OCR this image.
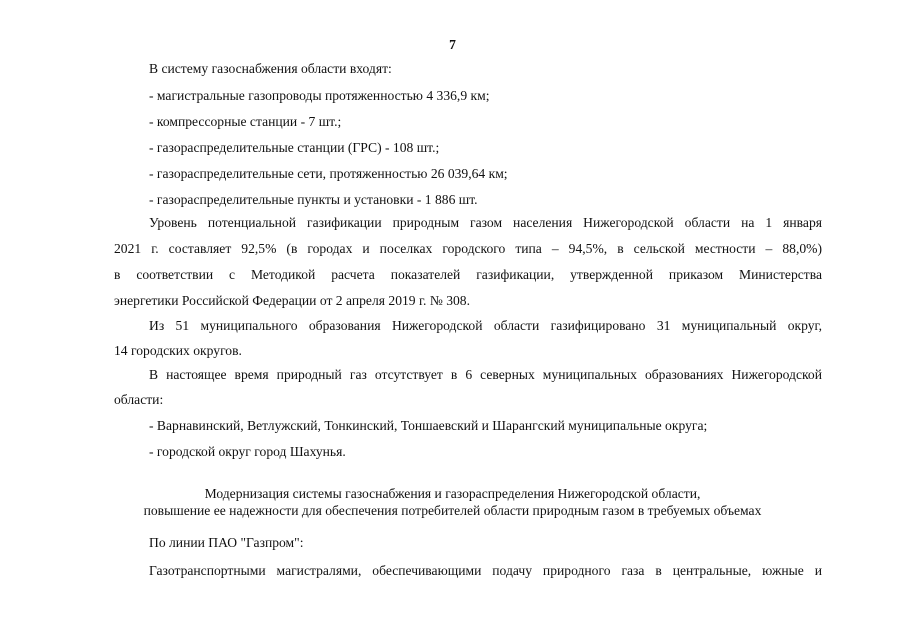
7
В систему газоснабжения области входят:
- магистральные газопроводы протяженностью 4 336,9 км;
- компрессорные станции - 7 шт.;
- газораспределительные станции (ГРС) - 108 шт.;
- газораспределительные сети, протяженностью 26 039,64 км;
- газораспределительные пункты и установки - 1 886 шт.
Уровень потенциальной газификации природным газом населения Нижегородской области на 1 января
2021 г. составляет 92,5% (в городах и поселках городского типа – 94,5%, в сельской местности – 88,0%)
в соответствии с Методикой расчета показателей газификации, утвержденной приказом Министерства
энергетики Российской Федерации от 2 апреля 2019 г. № 308.
Из 51 муниципального образования Нижегородской области газифицировано 31 муниципальный округ,
14 городских округов.
В настоящее время природный газ отсутствует в 6 северных муниципальных образованиях Нижегородской
области:
- Варнавинский, Ветлужский, Тонкинский, Тоншаевский и Шарангский муниципальные округа;
- городской округ город Шахунья.
Модернизация системы газоснабжения и газораспределения Нижегородской области,
повышение ее надежности для обеспечения потребителей области природным газом в требуемых объемах
По линии ПАО "Газпром":
Газотранспортными магистралями, обеспечивающими подачу природного газа в центральные, южные и
